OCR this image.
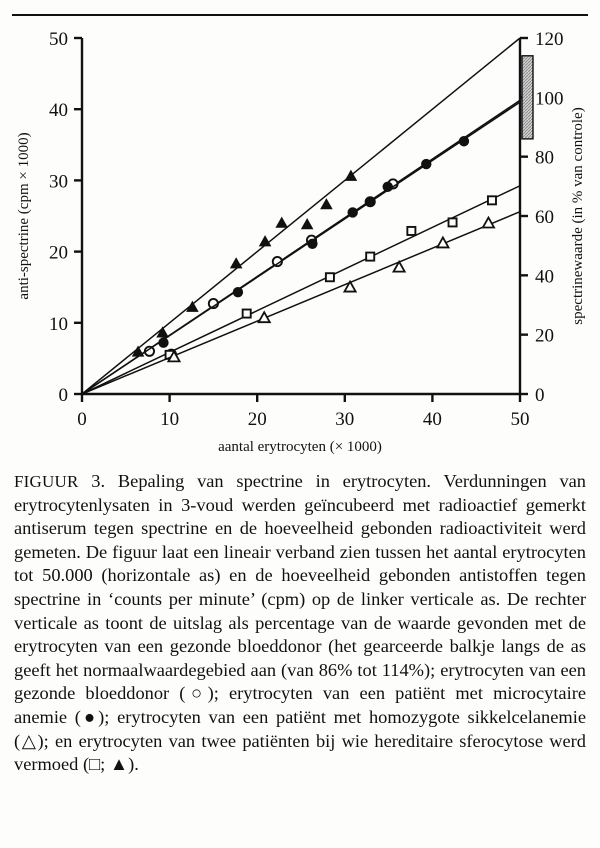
0	10	20	30	40	50
0
10
20
30
40
50
0
20
40
60
80
100
120
aantal erytrocyten (× 1000)
anti-spectrine (cpm × 1000)	spectrinewaarde (in % van controle)
FIGUUR 3. Bepaling van spectrine in erytrocyten. Verdunningen van erytrocytenlysaten in 3-voud werden geïncubeerd met radioactief gemerkt antiserum tegen spectrine en de hoeveelheid gebonden radioactiviteit werd gemeten. De figuur laat een lineair verband zien tussen het aantal erytrocyten tot 50.000 (horizontale as) en de hoeveelheid gebonden antistoffen tegen spectrine in ‘counts per minute’ (cpm) op de linker verticale as. De rechter verticale as toont de uitslag als percentage van de waarde gevonden met de erytrocyten van een gezonde bloeddonor (het gearceerde balkje langs de as geeft het normaalwaardegebied aan (van 86% tot 114%); erytrocyten van een gezonde bloeddonor (○); erytrocyten van een patiënt met microcytaire anemie (●); erytrocyten van een patiënt met homozygote sikkelcelanemie (△); en erytrocyten van twee patiënten bij wie hereditaire sferocytose werd vermoed (□; ▲).
